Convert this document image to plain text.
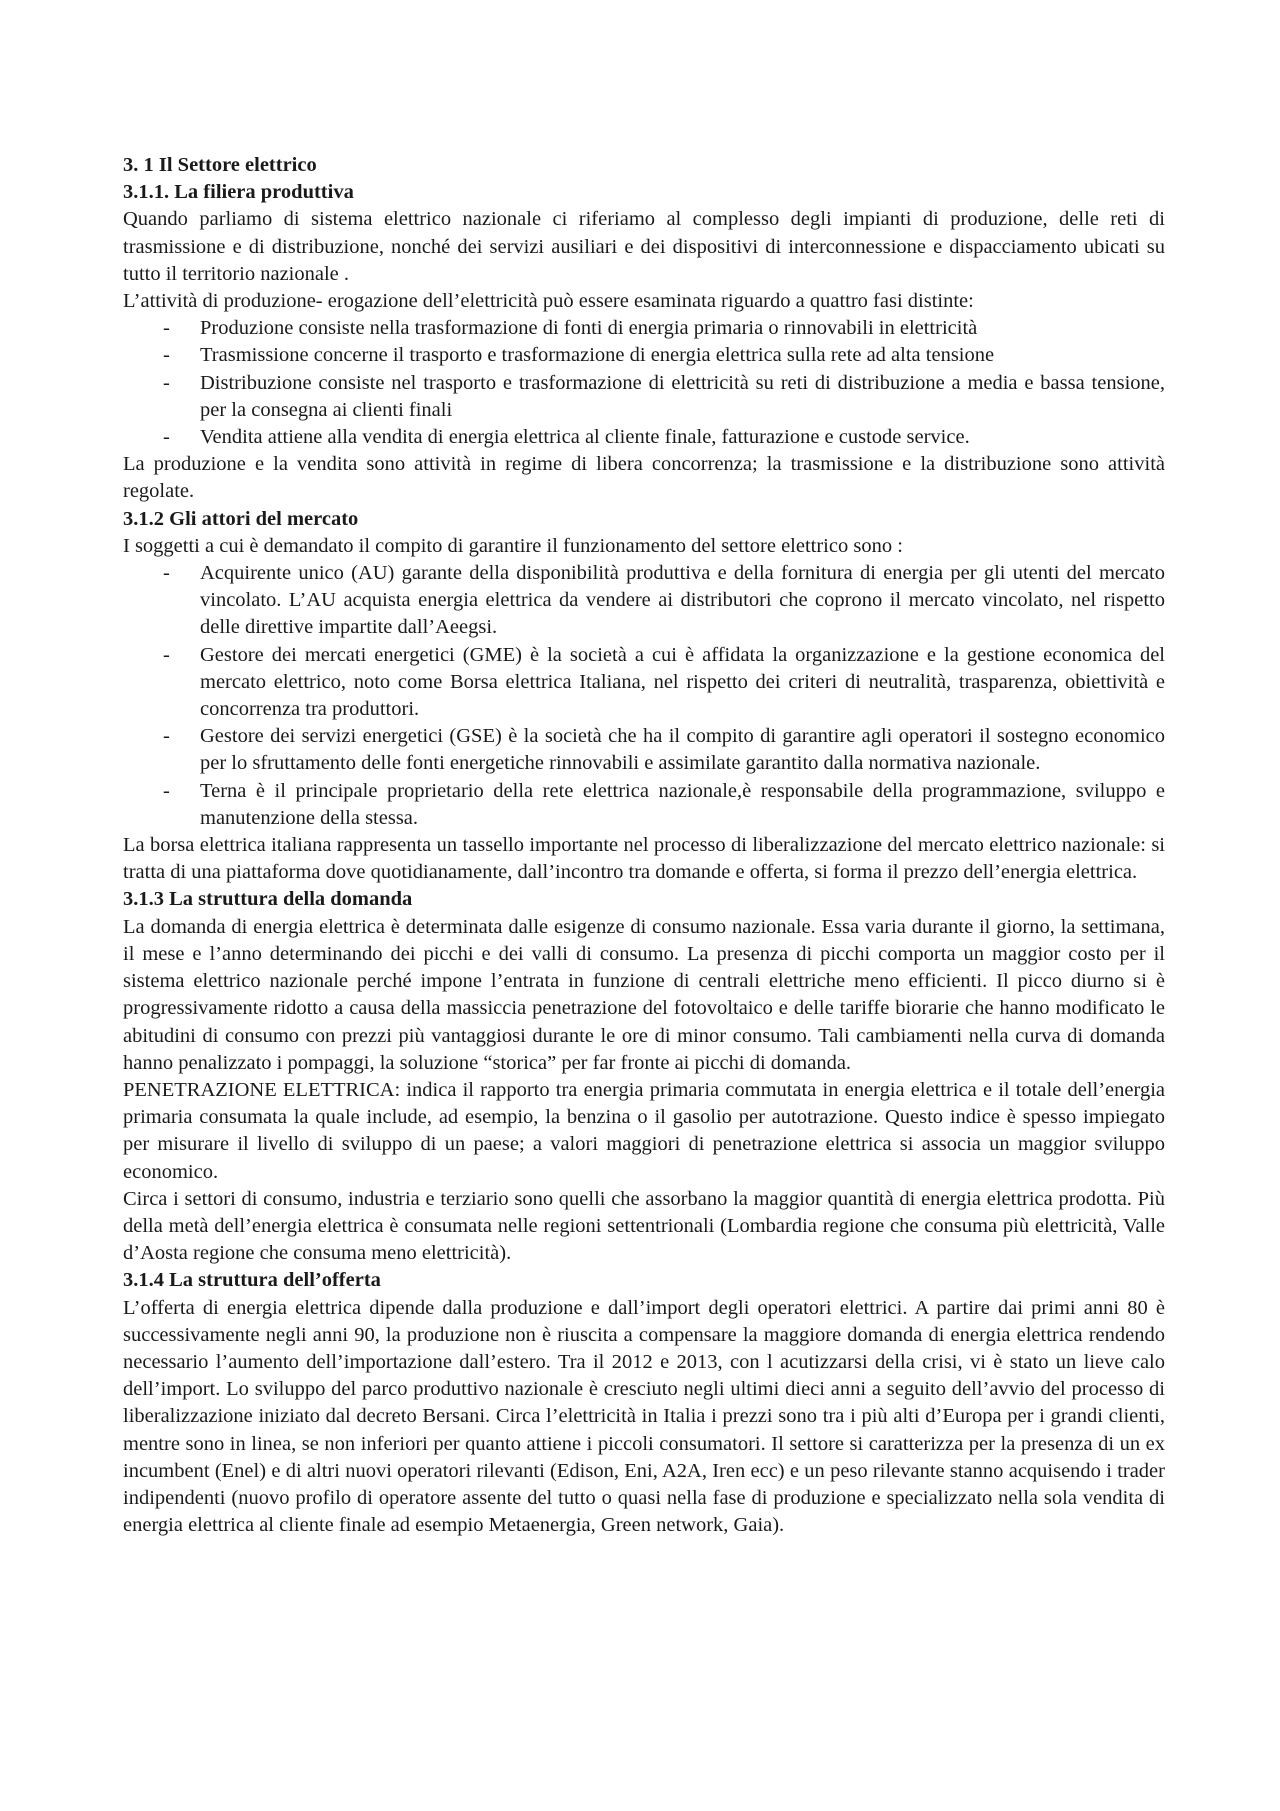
3. 1 Il Settore elettrico
3.1.1. La filiera produttiva

Quando parliamo di sistema elettrico nazionale ci riferiamo al complesso degli impianti di produzione, delle reti di trasmissione e di distribuzione, nonché dei servizi ausiliari e dei dispositivi di interconnessione e dispacciamento ubicati su tutto il territorio nazionale .

L’attività di produzione- erogazione dell’elettricità può essere esaminata riguardo a quattro fasi distinte:

- Produzione consiste nella trasformazione di fonti di energia primaria o rinnovabili in elettricità
- Trasmissione concerne il trasporto e trasformazione di energia elettrica sulla rete ad alta tensione
- Distribuzione consiste nel trasporto e trasformazione di elettricità su reti di distribuzione a media e bassa tensione, per la consegna ai clienti finali
- Vendita attiene alla vendita di energia elettrica al cliente finale, fatturazione e custode service.

La produzione e la vendita sono attività in regime di libera concorrenza; la trasmissione e la distribuzione sono attività regolate.

3.1.2 Gli attori del mercato

I soggetti a cui è demandato il compito di garantire il funzionamento del settore elettrico sono :

- Acquirente unico (AU) garante della disponibilità produttiva e della fornitura di energia per gli utenti del mercato vincolato. L’AU acquista energia elettrica da vendere ai distributori che coprono il mercato vincolato, nel rispetto delle direttive impartite dall’Aeegsi.
- Gestore dei mercati energetici (GME) è la società a cui è affidata la organizzazione e la gestione economica del mercato elettrico, noto come Borsa elettrica Italiana, nel rispetto dei criteri di neutralità, trasparenza, obiettività e concorrenza tra produttori.
- Gestore dei servizi energetici (GSE) è la società che ha il compito di garantire agli operatori il sostegno economico per lo sfruttamento delle fonti energetiche rinnovabili e assimilate garantito dalla normativa nazionale.
- Terna è il principale proprietario della rete elettrica nazionale,è responsabile della programmazione, sviluppo e manutenzione della stessa.

La borsa elettrica italiana rappresenta un tassello importante nel processo di liberalizzazione del mercato elettrico nazionale: si tratta di una piattaforma dove quotidianamente, dall’incontro tra domande e offerta, si forma il prezzo dell’energia elettrica.

3.1.3 La struttura della domanda

La domanda di energia elettrica è determinata dalle esigenze di consumo nazionale. Essa varia durante il giorno, la settimana, il mese e l’anno determinando dei picchi e dei valli di consumo. La presenza di picchi comporta un maggior costo per il sistema elettrico nazionale perché impone l’entrata in funzione di centrali elettriche meno efficienti. Il picco diurno si è progressivamente ridotto a causa della massiccia penetrazione del fotovoltaico e delle tariffe biorarie che hanno modificato le abitudini di consumo con prezzi più vantaggiosi durante le ore di minor consumo. Tali cambiamenti nella curva di domanda hanno penalizzato i pompaggi, la soluzione “storica” per far fronte ai picchi di domanda.

PENETRAZIONE ELETTRICA: indica il rapporto tra energia primaria commutata in energia elettrica e il totale dell’energia primaria consumata la quale include, ad esempio, la benzina o il gasolio per autotrazione. Questo indice è spesso impiegato per misurare il livello di sviluppo di un paese; a valori maggiori di penetrazione elettrica si associa un maggior sviluppo economico.

Circa i settori di consumo, industria e terziario sono quelli che assorbano la maggior quantità di energia elettrica prodotta. Più della metà dell’energia elettrica è consumata nelle regioni settentrionali (Lombardia regione che consuma più elettricità, Valle d’Aosta regione che consuma meno elettricità).

3.1.4 La struttura dell’offerta

L’offerta di energia elettrica dipende dalla produzione e dall’import degli operatori elettrici. A partire dai primi anni 80 è successivamente negli anni 90, la produzione non è riuscita a compensare la maggiore domanda di energia elettrica rendendo necessario l’aumento dell’importazione dall’estero. Tra il 2012 e 2013, con l acutizzarsi della crisi, vi è stato un lieve calo dell’import. Lo sviluppo del parco produttivo nazionale è cresciuto negli ultimi dieci anni a seguito dell’avvio del processo di liberalizzazione iniziato dal decreto Bersani. Circa l’elettricità in Italia i prezzi sono tra i più alti d’Europa per i grandi clienti, mentre sono in linea, se non inferiori per quanto attiene i piccoli consumatori. Il settore si caratterizza per la presenza di un ex incumbent (Enel) e di altri nuovi operatori rilevanti (Edison, Eni, A2A, Iren ecc) e un peso rilevante stanno acquisendo i trader indipendenti (nuovo profilo di operatore assente del tutto o quasi nella fase di produzione e specializzato nella sola vendita di energia elettrica al cliente finale ad esempio Metaenergia, Green network, Gaia).
